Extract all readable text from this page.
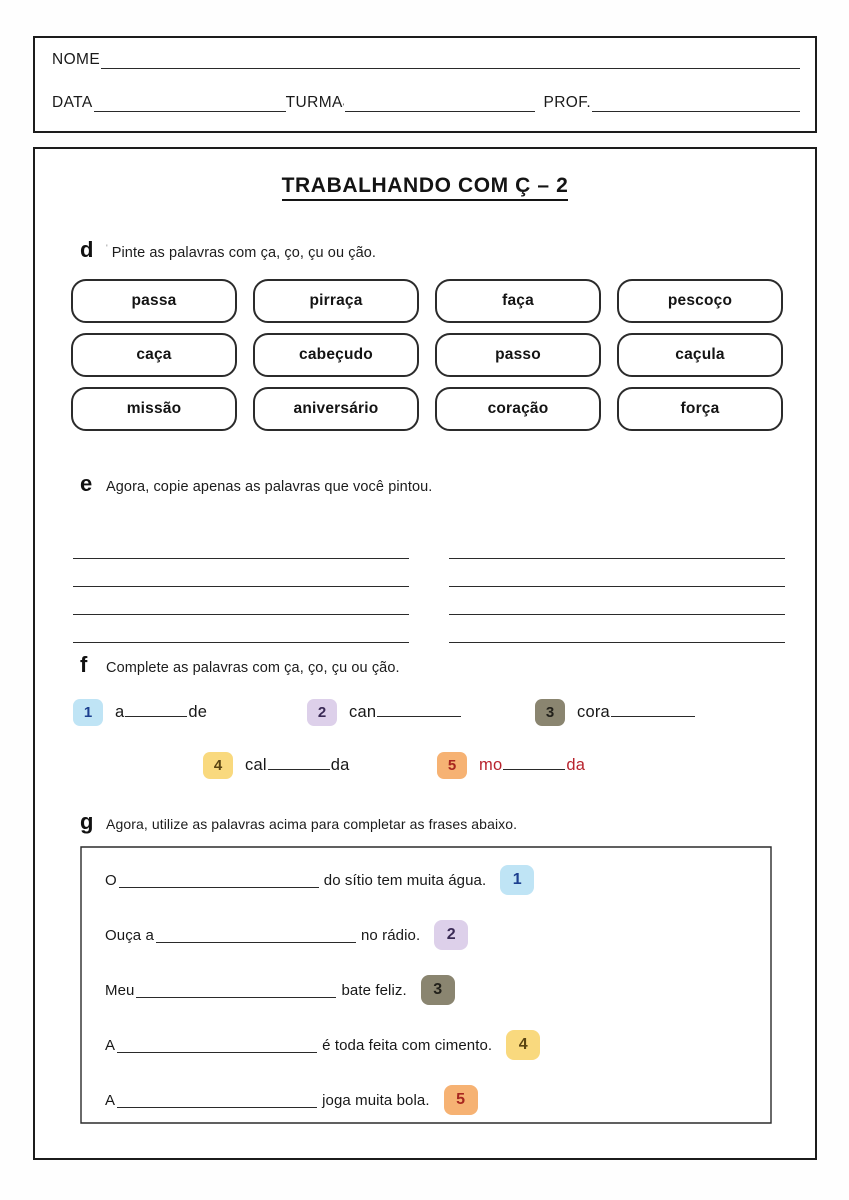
NOME
DATA	TURMA '	PROF.
TRABALHANDO COM Ç – 2
d	' Pinte as palavras com ça, ço, çu ou ção.
passa	pirraça	faça	pescoço
caça	cabeçudo	passo	caçula
missão	aniversário	coração	força
e Agora, copie apenas as palavras que você pintou.
f	Complete as palavras com ça, ço, çu ou ção.
1	a	de	2	can	3	cora
4	cal	da	5	mo	da
g Agora, utilize as palavras acima para completar as frases abaixo.
O	do sítio tem muita água.	1
Ouça a	no rádio.	2
Meu	bate feliz.	3
A	é toda feita com cimento.	4
A	joga muita bola.	5
